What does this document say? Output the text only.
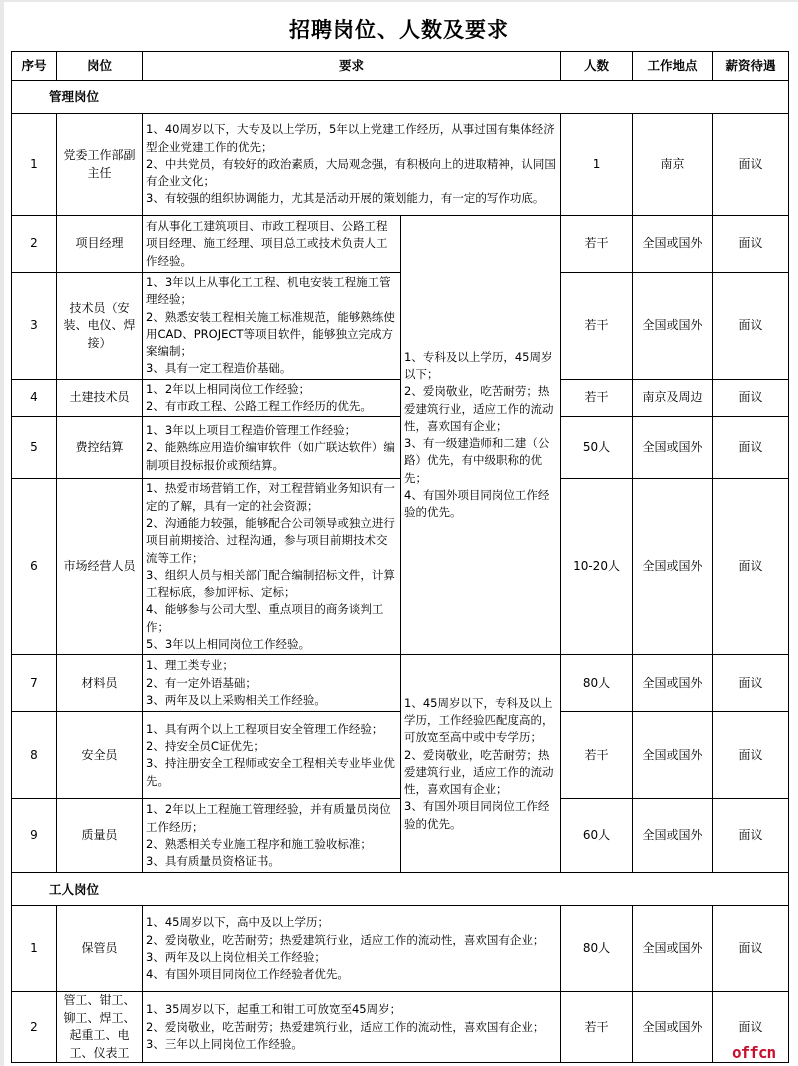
招聘岗位、人数及要求
序号	岗位	要求		人数	工作地点	薪资待遇
管理岗位						
1	党委工作部副主任	1、40周岁以下，大专及以上学历，5年以上党建工作经历，从事过国有集体经济型企业党建工作的优先；
2、中共党员，有较好的政治素质，大局观念强，有积极向上的进取精神，认同国有企业文化；
3、有较强的组织协调能力，尤其是活动开展的策划能力，有一定的写作功底。		1	南京	面议
2	项目经理	有从事化工建筑项目、市政工程项目、公路工程项目经理、施工经理、项目总工或技术负责人工作经验。	1、专科及以上学历，45周岁以下；
2、爱岗敬业，吃苦耐劳；热爱建筑行业，适应工作的流动性，喜欢国有企业；
3、有一级建造师和二建（公路）优先，有中级职称的优先；
4、有国外项目同岗位工作经验的优先。	若干	全国或国外	面议
3	技术员（安装、电仪、焊接）	1、3年以上从事化工工程、机电安装工程施工管理经验；
2、熟悉安装工程相关施工标准规范，能够熟练使用CAD、PROJECT等项目软件，能够独立完成方案编制；
3、具有一定工程造价基础。		若干	全国或国外	面议
4	土建技术员	1、2年以上相同岗位工作经验；
2、有市政工程、公路工程工作经历的优先。		若干	南京及周边	面议
5	费控结算	1、3年以上项目工程造价管理工作经验；
2、能熟练应用造价编审软件（如广联达软件）编制项目投标报价或预结算。		50人	全国或国外	面议
6	市场经营人员	1、热爱市场营销工作，对工程营销业务知识有一定的了解，具有一定的社会资源；
2、沟通能力较强，能够配合公司领导或独立进行项目前期接洽、过程沟通，参与项目前期技术交流等工作；
3、组织人员与相关部门配合编制招标文件，计算工程标底，参加评标、定标；
4、能够参与公司大型、重点项目的商务谈判工作；
5、3年以上相同岗位工作经验。		10-20人	全国或国外	面议
7	材料员	1、理工类专业；
2、有一定外语基础；
3、两年及以上采购相关工作经验。	1、45周岁以下，专科及以上学历，工作经验匹配度高的，可放宽至高中或中专学历；
2、爱岗敬业，吃苦耐劳；热爱建筑行业，适应工作的流动性，喜欢国有企业；
3、有国外项目同岗位工作经验的优先。	80人	全国或国外	面议
8	安全员	1、具有两个以上工程项目安全管理工作经验；
2、持安全员C证优先；
3、持注册安全工程师或安全工程相关专业毕业优先。		若干	全国或国外	面议
9	质量员	1、2年以上工程施工管理经验，并有质量员岗位工作经历；
2、熟悉相关专业施工程序和施工验收标准；
3、具有质量员资格证书。		60人	全国或国外	面议
工人岗位						
1	保管员	1、45周岁以下，高中及以上学历；
2、爱岗敬业，吃苦耐劳；热爱建筑行业，适应工作的流动性，喜欢国有企业；
3、两年及以上岗位相关工作经验；
4、有国外项目同岗位工作经验者优先。		80人	全国或国外	面议
2	管工、钳工、铆工、焊工、起重工、电工、仪表工	1、35周岁以下，起重工和钳工可放宽至45周岁；
2、爱岗敬业，吃苦耐劳；热爱建筑行业，适应工作的流动性，喜欢国有企业；
3、三年以上同岗位工作经验。		若干	全国或国外	面议
offcn
